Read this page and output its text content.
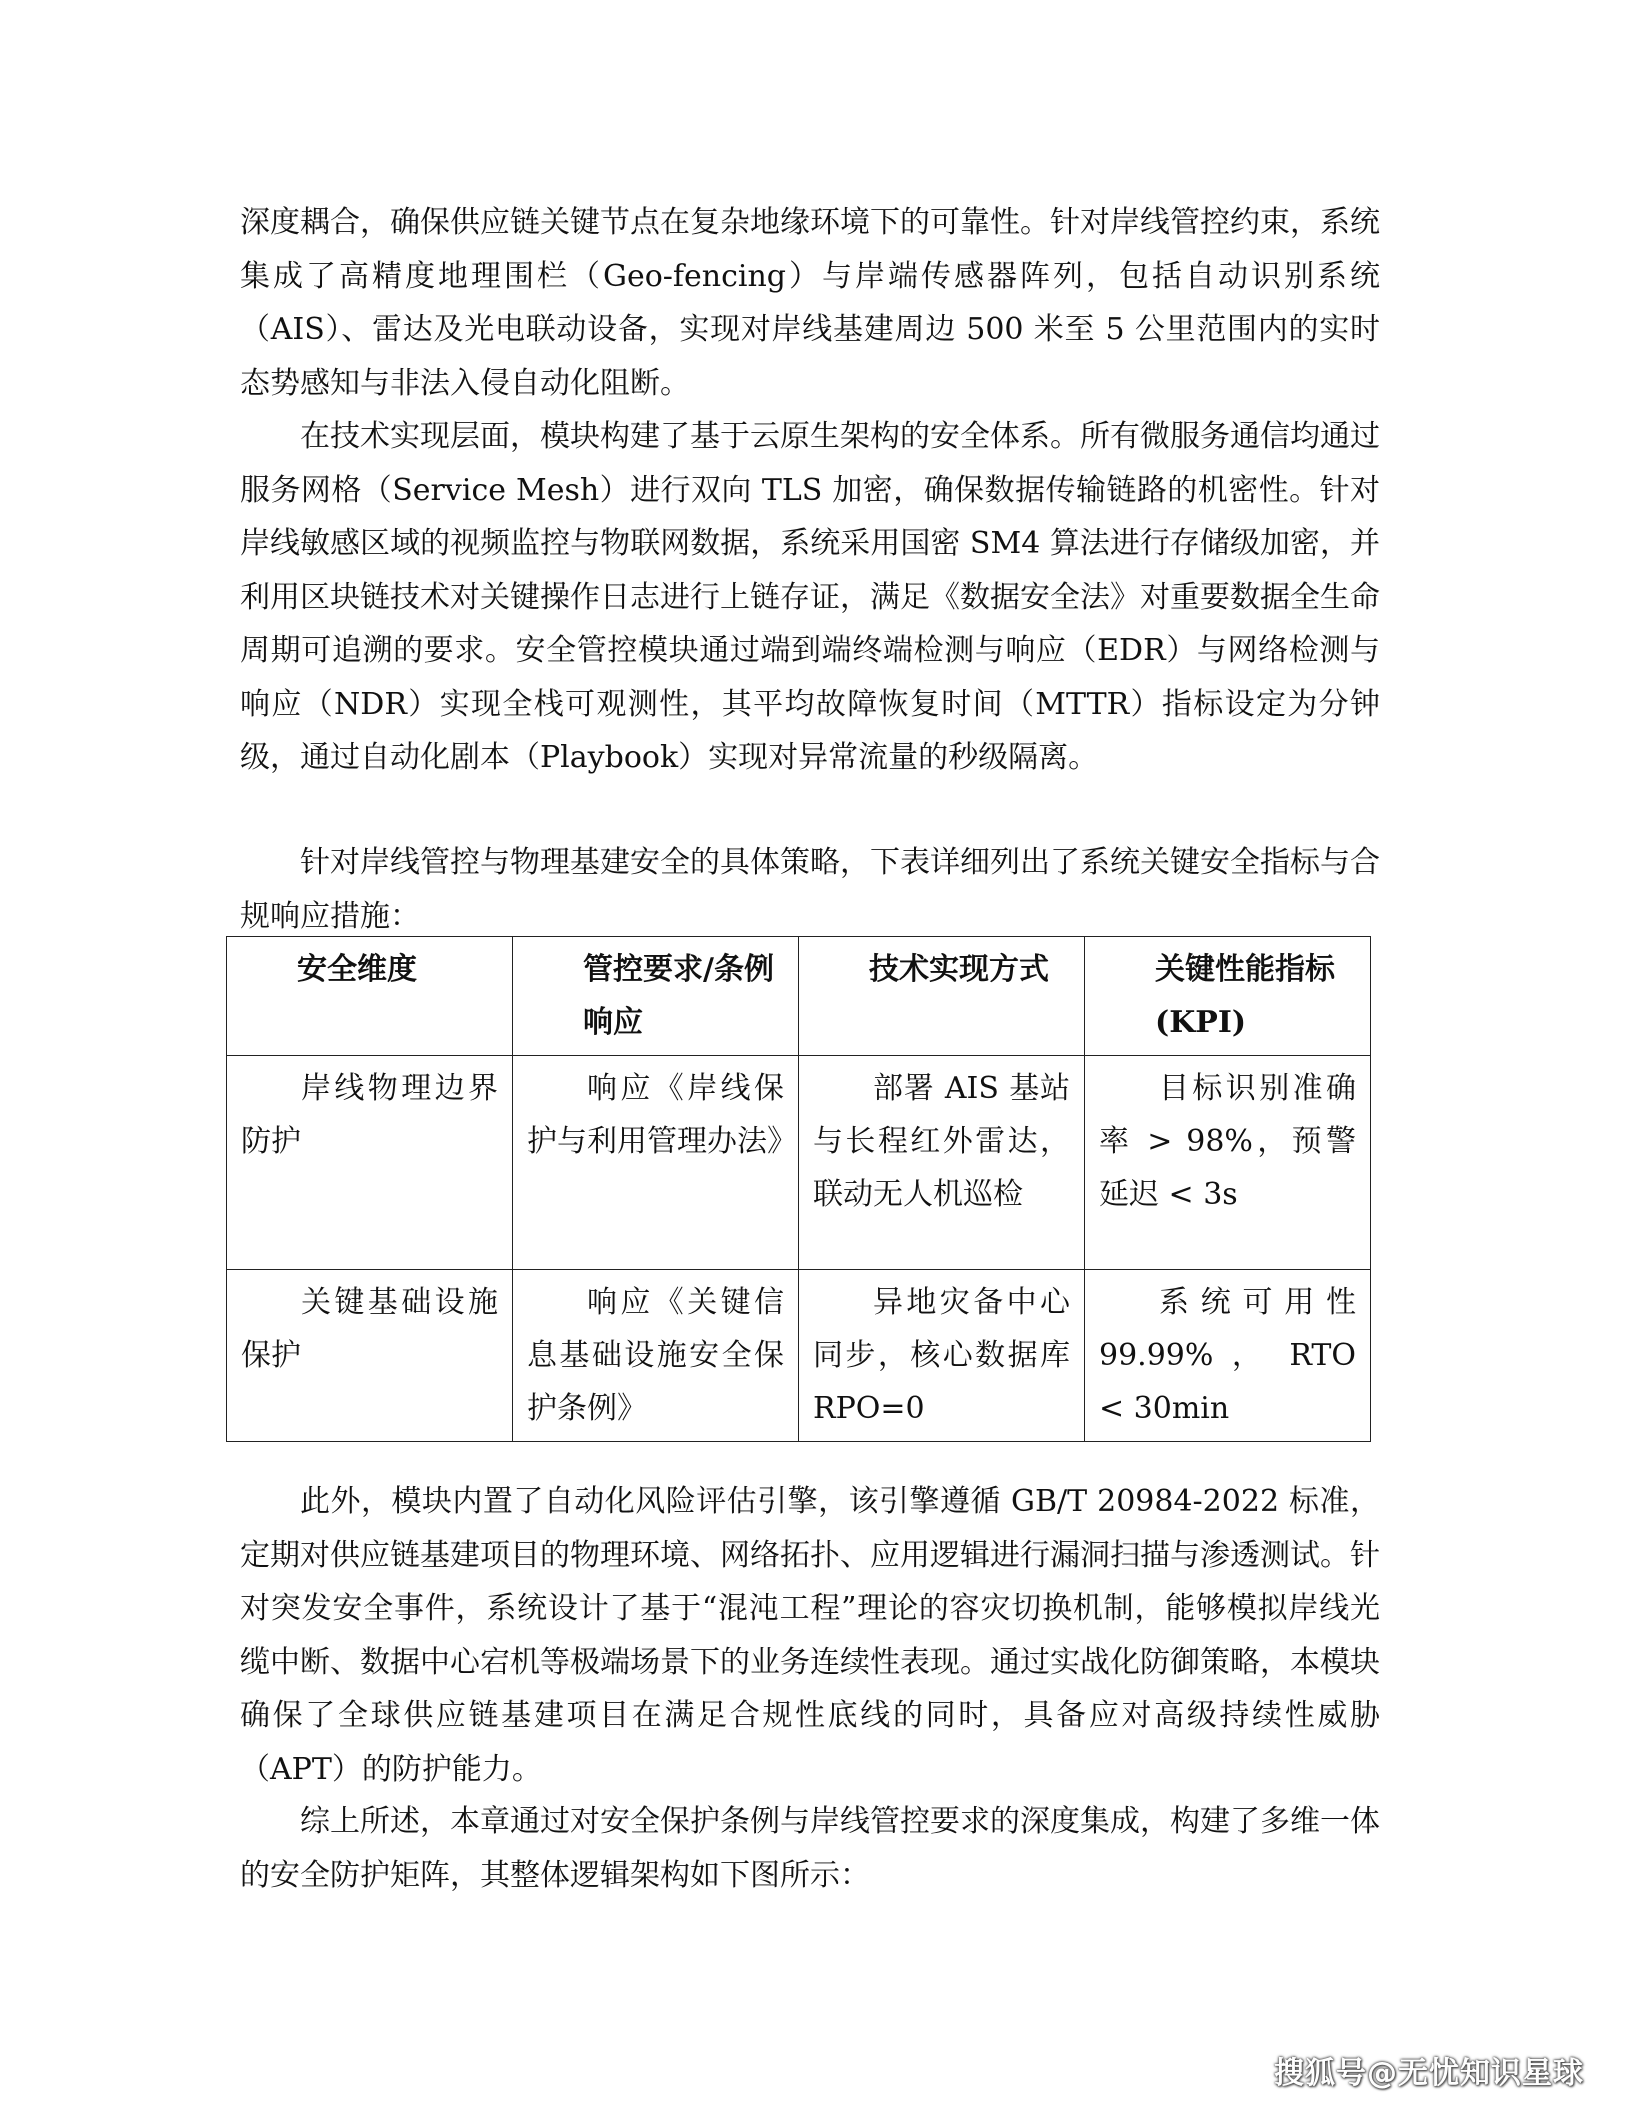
深度耦合，确保供应链关键节点在复杂地缘环境下的可靠性。针对岸线管控约束，系统集成了高精度地理围栏（Geo-fencing）与岸端传感器阵列，包括自动识别系统（AIS）、雷达及光电联动设备，实现对岸线基建周边 500 米至 5 公里范围内的实时态势感知与非法入侵自动化阻断。

在技术实现层面，模块构建了基于云原生架构的安全体系。所有微服务通信均通过服务网格（Service Mesh）进行双向 TLS 加密，确保数据传输链路的机密性。针对岸线敏感区域的视频监控与物联网数据，系统采用国密 SM4 算法进行存储级加密，并利用区块链技术对关键操作日志进行上链存证，满足《数据安全法》对重要数据全生命周期可追溯的要求。安全管控模块通过端到端终端检测与响应（EDR）与网络检测与响应（NDR）实现全栈可观测性，其平均故障恢复时间（MTTR）指标设定为分钟级，通过自动化剧本（Playbook）实现对异常流量的秒级隔离。

针对岸线管控与物理基建安全的具体策略，下表详细列出了系统关键安全指标与合规响应措施：

安全维度	管控要求/条例响应	技术实现方式	关键性能指标(KPI)

岸线物理边界防护	响应《岸线保护与利用管理办法》	部署 AIS 基站与长程红外雷达，联动无人机巡检	目标识别准确率 > 98%，预警延迟 < 3s

关键基础设施保护	响应《关键信息基础设施安全保护条例》	异地灾备中心同步，核心数据库 RPO=0	系统可用性 99.99% ， RTO < 30min

此外，模块内置了自动化风险评估引擎，该引擎遵循 GB/T 20984-2022 标准，定期对供应链基建项目的物理环境、网络拓扑、应用逻辑进行漏洞扫描与渗透测试。针对突发安全事件，系统设计了基于“混沌工程”理论的容灾切换机制，能够模拟岸线光缆中断、数据中心宕机等极端场景下的业务连续性表现。通过实战化防御策略，本模块确保了全球供应链基建项目在满足合规性底线的同时，具备应对高级持续性威胁（APT）的防护能力。

综上所述，本章通过对安全保护条例与岸线管控要求的深度集成，构建了多维一体的安全防护矩阵，其整体逻辑架构如下图所示：

搜狐号@无忧知识星球
